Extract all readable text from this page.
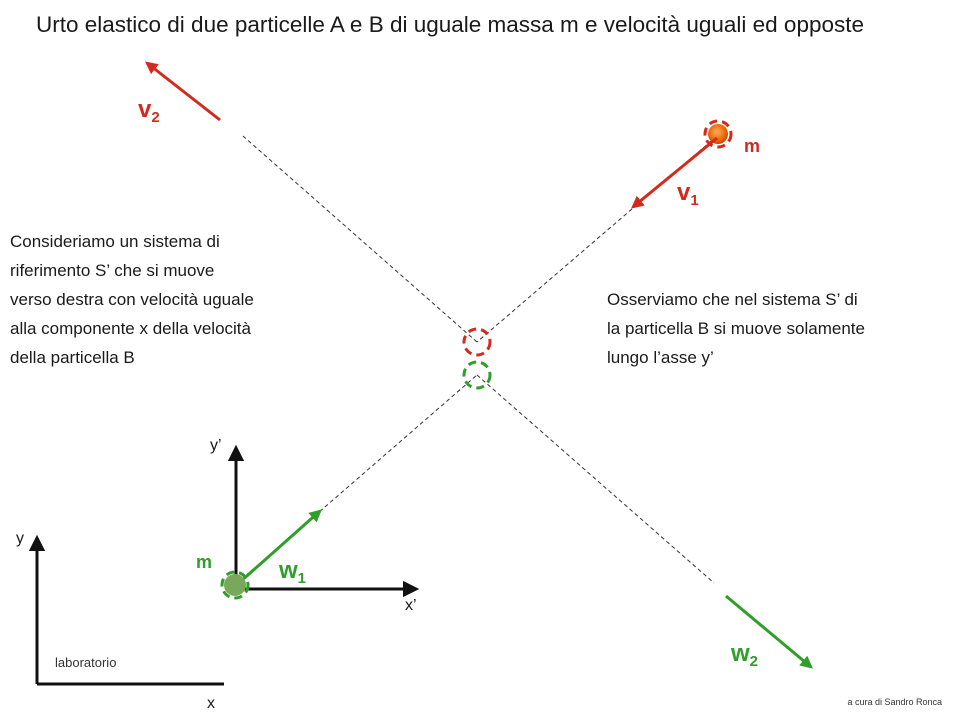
Urto elastico di due particelle A e B di uguale massa m e velocità uguali ed opposte
Consideriamo un sistema di
riferimento S’ che si muove
verso destra con velocità uguale
alla componente x della velocità
della particella B
Osserviamo che nel sistema S’ di
la particella B si muove solamente
lungo l’asse y’
$v_2$
$v_1$
$w_1$
$w_2$
m
m
y’
x’
y
x
laboratorio
a cura di Sandro Ronca
